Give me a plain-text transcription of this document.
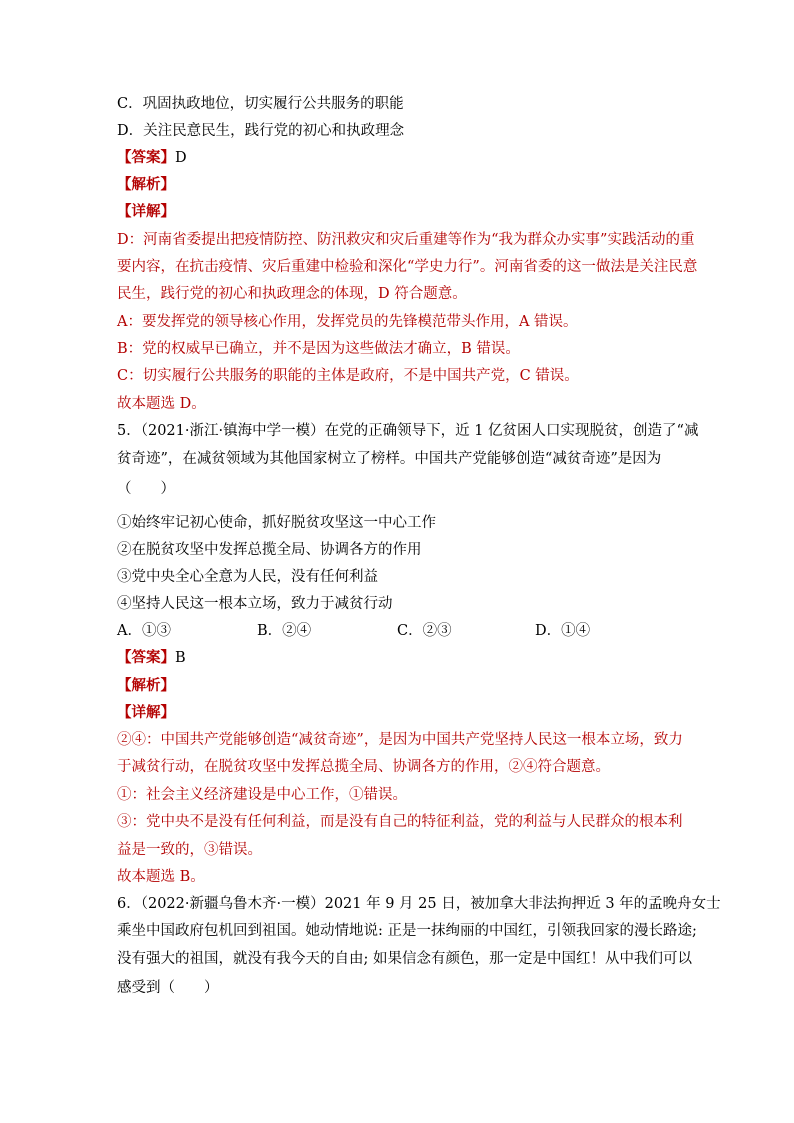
C．巩固执政地位，切实履行公共服务的职能
D．关注民意民生，践行党的初心和执政理念
【答案】D
【解析】
【详解】
D：河南省委提出把疫情防控、防汛救灾和灾后重建等作为“我为群众办实事”实践活动的重
要内容，在抗击疫情、灾后重建中检验和深化“学史力行”。河南省委的这一做法是关注民意
民生，践行党的初心和执政理念的体现，D 符合题意。
A：要发挥党的领导核心作用，发挥党员的先锋模范带头作用，A 错误。
B：党的权威早已确立，并不是因为这些做法才确立，B 错误。
C：切实履行公共服务的职能的主体是政府，不是中国共产党，C 错误。
故本题选 D。
5．（2021·浙江·镇海中学一模）在党的正确领导下，近 1 亿贫困人口实现脱贫，创造了“减
贫奇迹”，在减贫领域为其他国家树立了榜样。中国共产党能够创造“减贫奇迹”是因为
（　　）
①始终牢记初心使命，抓好脱贫攻坚这一中心工作
②在脱贫攻坚中发挥总揽全局、协调各方的作用
③党中央全心全意为人民，没有任何利益
④坚持人民这一根本立场，致力于减贫行动
A．①③	B．②④	C．②③	D．①④
【答案】B
【解析】
【详解】
②④：中国共产党能够创造“减贫奇迹”，是因为中国共产党坚持人民这一根本立场，致力
于减贫行动，在脱贫攻坚中发挥总揽全局、协调各方的作用，②④符合题意。
①：社会主义经济建设是中心工作，①错误。
③：党中央不是没有任何利益，而是没有自己的特征利益，党的利益与人民群众的根本利
益是一致的，③错误。
故本题选 B。
6．（2022·新疆乌鲁木齐·一模）2021 年 9 月 25 日，被加拿大非法拘押近 3 年的孟晚舟女士
乘坐中国政府包机回到祖国。她动情地说: 正是一抹绚丽的中国红，引领我回家的漫长路途;
没有强大的祖国，就没有我今天的自由; 如果信念有颜色，那一定是中国红！从中我们可以
感受到（　　）
